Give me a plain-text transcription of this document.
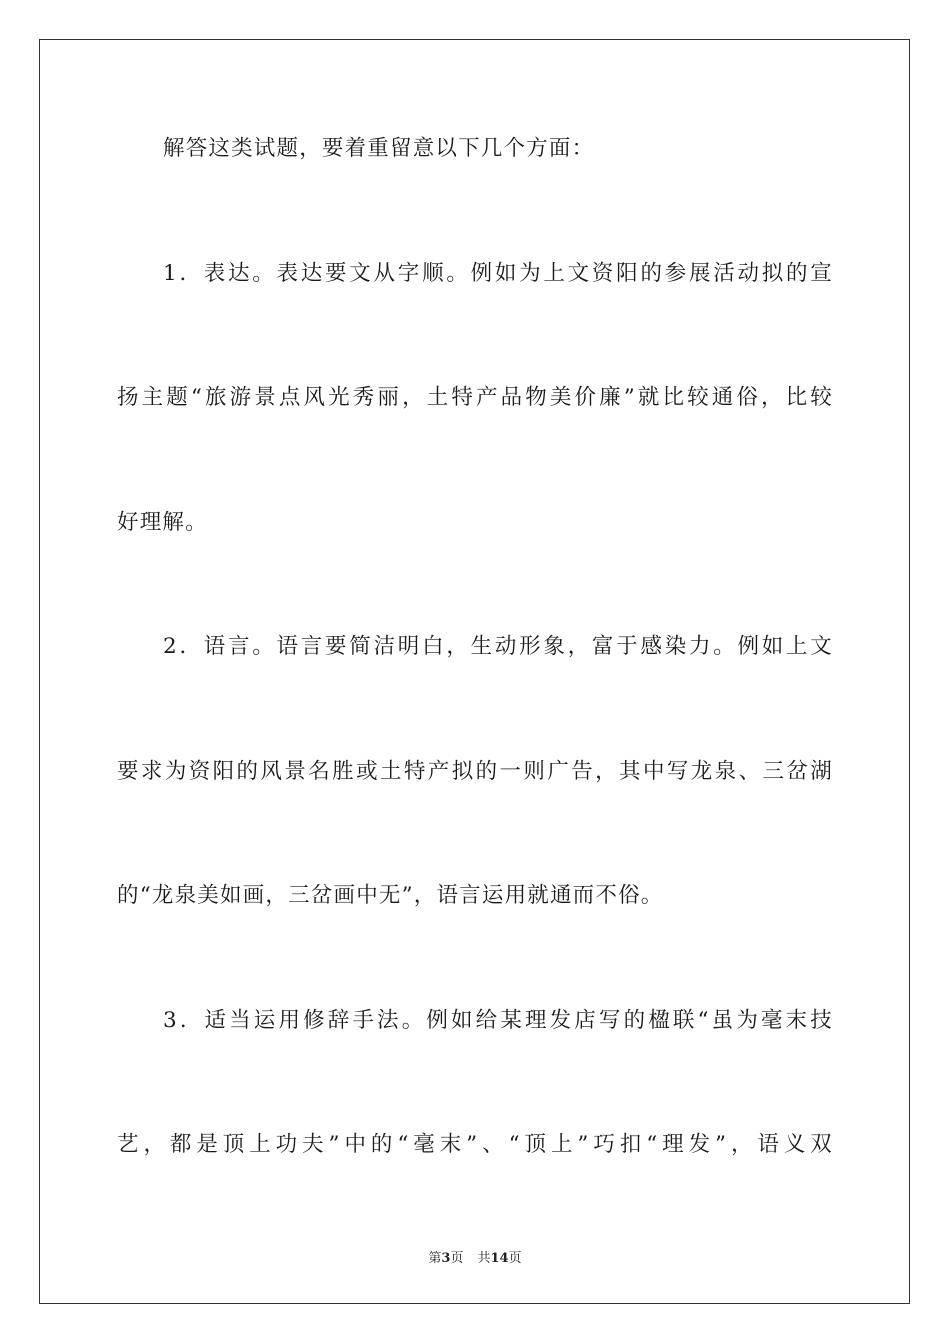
解答这类试题，要着重留意以下几个方面：
1．表达。表达要文从字顺。例如为上文资阳的参展活动拟的宣
扬主题“旅游景点风光秀丽，土特产品物美价廉”就比较通俗，比较
好理解。
2．语言。语言要简洁明白，生动形象，富于感染力。例如上文
要求为资阳的风景名胜或土特产拟的一则广告，其中写龙泉、三岔湖
的“龙泉美如画，三岔画中无”，语言运用就通而不俗。
3．适当运用修辞手法。例如给某理发店写的楹联“虽为毫末技
艺，都是顶上功夫”中的“毫末”、“顶上”巧扣“理发”，语义双
第3页 共14页
